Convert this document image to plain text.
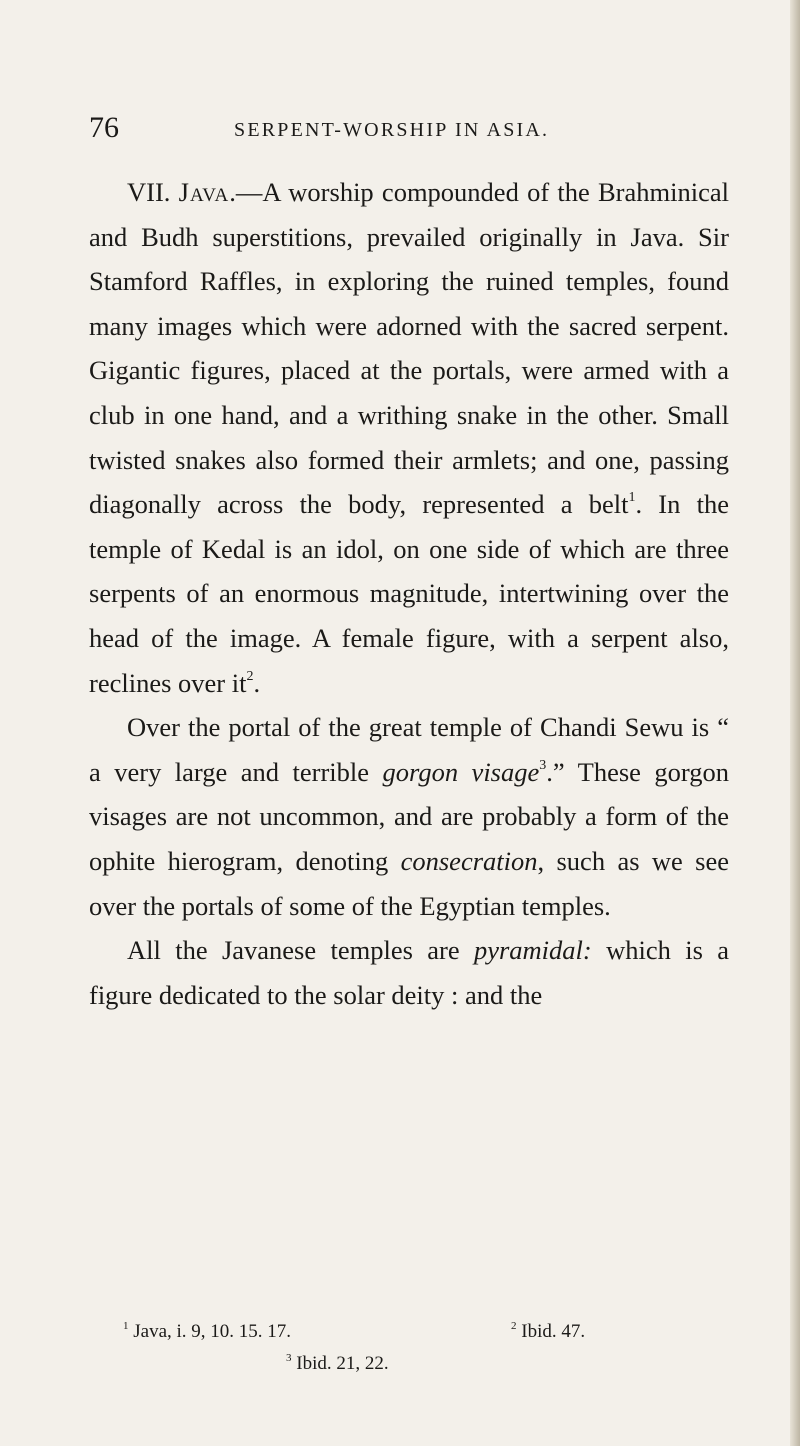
76	SERPENT-WORSHIP IN ASIA.

VII. Java.—A worship compounded of the Brahminical and Budh superstitions, prevailed originally in Java. Sir Stamford Raffles, in exploring the ruined temples, found many images which were adorned with the sacred serpent. Gigantic figures, placed at the portals, were armed with a club in one hand, and a writhing snake in the other. Small twisted snakes also formed their armlets; and one, passing diagonally across the body, represented a belt$^1$. In the temple of Kedal is an idol, on one side of which are three serpents of an enormous magnitude, intertwining over the head of the image. A female figure, with a serpent also, reclines over $it^2$.

Over the portal of the great temple of Chandi Sewu is “ a very large and terrible gorgon visage$^3$.” These gorgon visages are not uncommon, and are probably a form of the ophite hierogram, denoting consecration, such as we see over the portals of some of the Egyptian temples.

All the Javanese temples are pyramidal: which is a figure dedicated to the solar deity : and the

$^1$ Java, i. 9, 10. 15. 17.	$^2$ Ibid. 47.
$^3$ Ibid. 21, 22.
